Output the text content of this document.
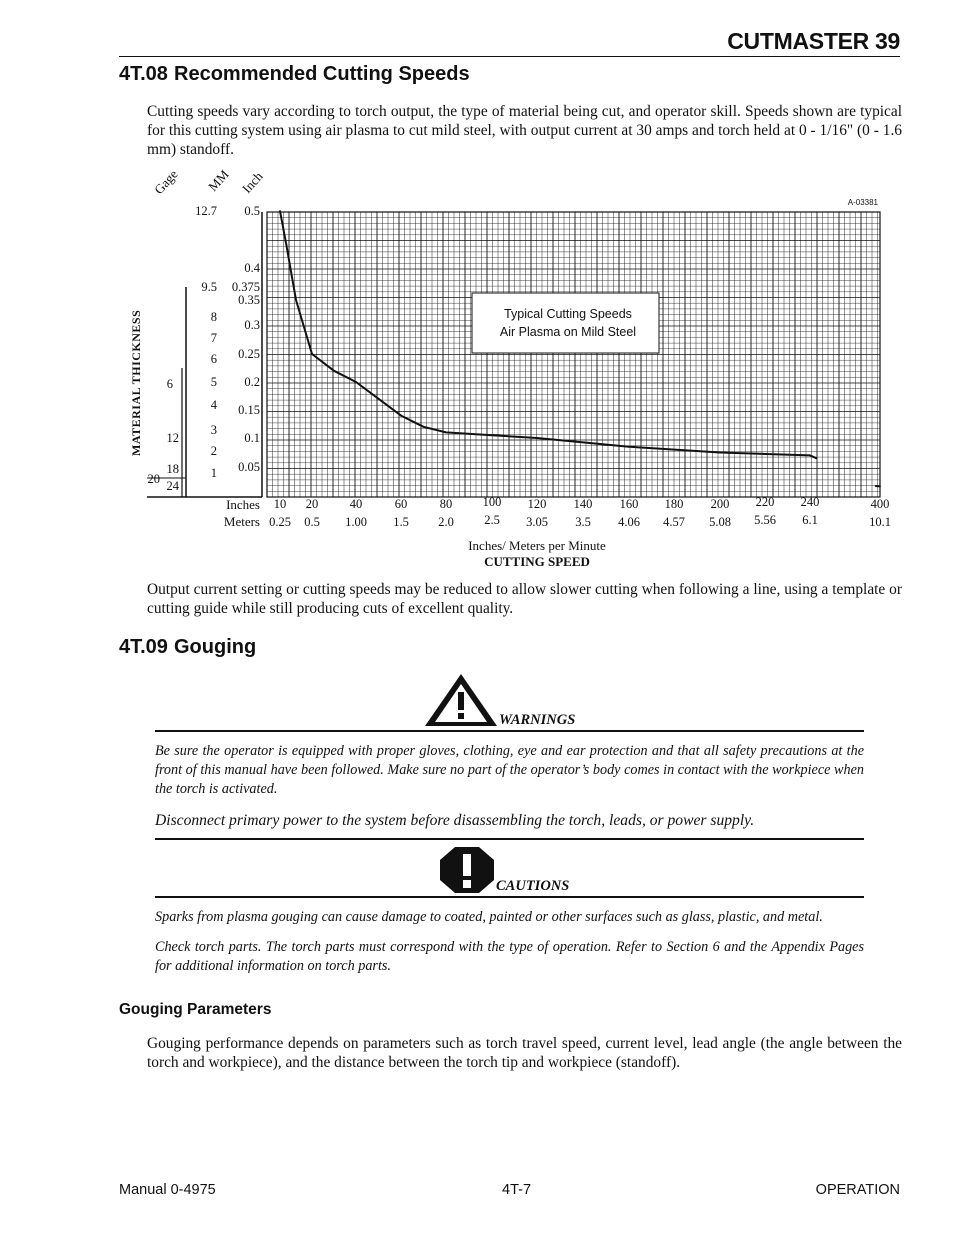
CUTMASTER 39
4T.08 Recommended Cutting Speeds
Cutting speeds vary according to torch output, the type of material being cut, and operator skill. Speeds shown are typical for this cutting system using air plasma to cut mild steel, with output current at 30 amps and torch held at 0 - 1/16" (0 - 1.6 mm) standoff.
0.5
0.4
0.375
0.35
0.3
0.25
0.2
0.15
0.1
0.05
12.7
9.5
8
7
6
5
4
3
2
1
6
12
18
20 24
10
0.25
20
0.5
40
1.00
60
1.5
80
2.0
100
2.5
120
3.05
140
3.5
160
4.06
180
4.57
200
5.08
220
5.56
240
6.1
400
10.1
Typical Cutting Speeds
Air Plasma on Mild Steel
A-03381
Gage MM Inch
MATERIAL THICKNESS
Inches
Meters
Inches/ Meters per Minute
CUTTING SPEED
Output current setting or cutting speeds may be reduced to allow slower cutting when following a line, using a template or cutting guide while still producing cuts of excellent quality.
4T.09 Gouging
WARNINGS
Be sure the operator is equipped with proper gloves, clothing, eye and ear protection and that all safety precautions at the front of this manual have been followed. Make sure no part of the operator’s body comes in contact with the workpiece when the torch is activated.
Disconnect primary power to the system before disassembling the torch, leads, or power supply.
CAUTIONS
Sparks from plasma gouging can cause damage to coated, painted or other surfaces such as glass, plastic, and metal.
Check torch parts. The torch parts must correspond with the type of operation. Refer to Section 6 and the Appendix Pages for additional information on torch parts.
Gouging Parameters
Gouging performance depends on parameters such as torch travel speed, current level, lead angle (the angle between the torch and workpiece), and the distance between the torch tip and workpiece (standoff).
Manual 0-4975	4T-7	OPERATION
